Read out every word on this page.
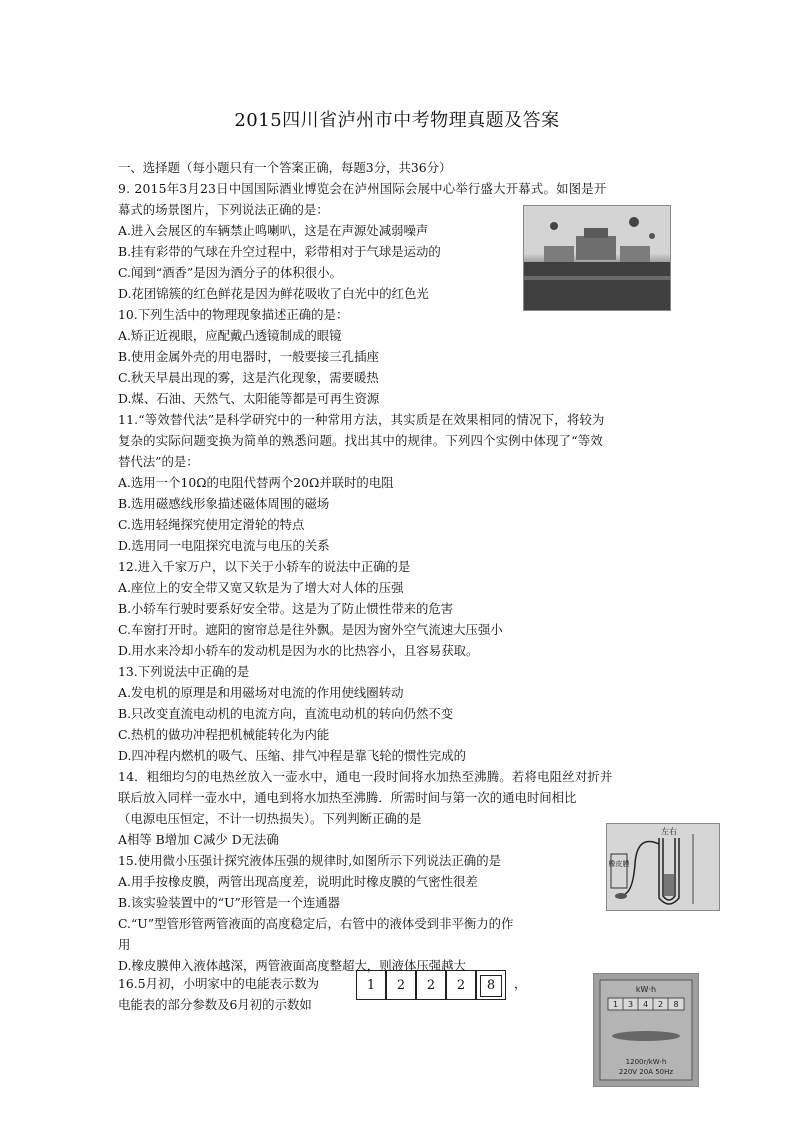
2015四川省泸州市中考物理真题及答案
一、选择题（每小题只有一个答案正确，每题3分，共36分）
9. 2015年3月23日中国国际酒业博览会在泸州国际会展中心举行盛大开幕式。如图是开
幕式的场景图片，下列说法正确的是：
A.进入会展区的车辆禁止鸣喇叭，这是在声源处减弱噪声
B.挂有彩带的气球在升空过程中，彩带相对于气球是运动的
C.闻到“酒香”是因为酒分子的体积很小。
D.花团锦簇的红色鲜花是因为鲜花吸收了白光中的红色光
10.下列生活中的物理现象描述正确的是：
A.矫正近视眼，应配戴凸透镜制成的眼镜
B.使用金属外壳的用电器时，一般要接三孔插座
C.秋天早晨出现的雾，这是汽化现象，需要暖热
D.煤、石油、天然气、太阳能等都是可再生资源
11.“等效替代法”是科学研究中的一种常用方法，其实质是在效果相同的情况下，将较为
复杂的实际问题变换为简单的熟悉问题。找出其中的规律。下列四个实例中体现了“等效
替代法”的是：
A.选用一个10Ω的电阻代替两个20Ω并联时的电阻
B.选用磁感线形象描述磁体周围的磁场
C.选用轻绳探究使用定滑轮的特点
D.选用同一电阻探究电流与电压的关系
12.进入千家万户，以下关于小轿车的说法中正确的是
A.座位上的安全带又宽又软是为了增大对人体的压强
B.小轿车行驶时要系好安全带。这是为了防止惯性带来的危害
C.车窗打开时。遮阳的窗帘总是往外飘。是因为窗外空气流速大压强小
D.用水来冷却小轿车的发动机是因为水的比热容小，且容易获取。
13.下列说法中正确的是
A.发电机的原理是和用磁场对电流的作用使线圈转动
B.只改变直流电动机的电流方向，直流电动机的转向仍然不变
C.热机的做功冲程把机械能转化为内能
D.四冲程内燃机的吸气、压缩、排气冲程是靠飞轮的惯性完成的
14．粗细均匀的电热丝放入一壶水中，通电一段时间将水加热至沸腾。若将电阻丝对折并
联后放入同样一壶水中，通电到将水加热至沸腾．所需时间与第一次的通电时间相比
（电源电压恒定，不计一切热损失）。下列判断正确的是
A相等 B增加 C减少 D无法确
15.使用微小压强计探究液体压强的规律时,如图所示下列说法正确的是
A.用手按橡皮膜，两管出现高度差，说明此时橡皮膜的气密性很差
B.该实验装置中的“U”形管是一个连通器
C.“U”型管形管两管液面的高度稳定后，右管中的液体受到非平衡力的作
用
D.橡皮膜伸入液体越深，两管液面高度整超大，则液体压强越大
橡皮膜
左右
16.5月初，小明家中的电能表示数为
电能表的部分参数及6月初的示数如
1	2	2	2	8	，	kW·h
1 3 4 2 8
1200r/kW·h
220V 20A 50Hz
